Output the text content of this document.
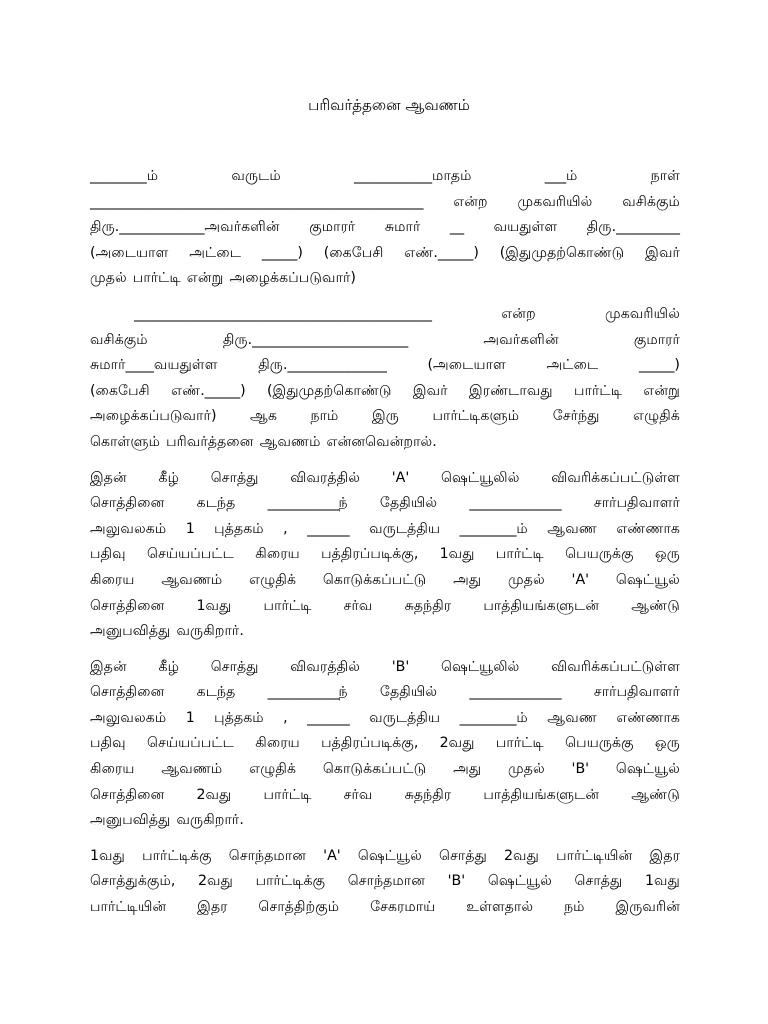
பரிவர்த்தனை ஆவணம்
________ம்	வருடம்	___________மாதம்	___ம்	நாள்
_______________________________________________ என்ற முகவரியில் வசிக்கும்
திரு.____________அவர்களின் குமாரர் சுமார் __ வயதுள்ள திரு._________
(அடையாள அட்டை _____) (கைபேசி எண்._____) (இதுமுதற்கொண்டு இவர்
முதல் பார்ட்டி என்று அழைக்கப்படுவார்)
__________________________________________	என்ற	முகவரியில்
வசிக்கும்	திரு.______________________	அவர்களின்	குமாரர்
சுமார்____வயதுள்ள	திரு.______________	(அடையாள	அட்டை	_____)
(கைபேசி எண்._____) (இதுமுதற்கொண்டு இவர் இரண்டாவது பார்ட்டி என்று
அழைக்கப்படுவார்) ஆக நாம் இரு பார்ட்டிகளும் சேர்ந்து எழுதிக்
கொள்ளும் பரிவர்த்தனை ஆவணம் என்னவென்றால்.
இதன் கீழ் சொத்து விவரத்தில் 'A' ஷெட்யூலில் விவரிக்கப்பட்டுள்ள
சொத்தினை கடந்த __________ந் தேதியில் _____________ சார்பதிவாளர்
அலுவலகம் 1 புத்தகம் , ______ வருடத்திய ________ம் ஆவண எண்ணாக
பதிவு செய்யப்பட்ட கிரைய பத்திரப்படிக்கு, 1வது பார்ட்டி பெயருக்கு ஒரு
கிரைய ஆவணம் எழுதிக் கொடுக்கப்பட்டு அது முதல் 'A' ஷெட்யூல்
சொத்தினை 1வது பார்ட்டி சர்வ சுதந்திர பாத்தியங்களுடன் ஆண்டு
அனுபவித்து வருகிறார்.
இதன் கீழ் சொத்து விவரத்தில் 'B' ஷெட்யூலில் விவரிக்கப்பட்டுள்ள
சொத்தினை கடந்த __________ந் தேதியில் _____________ சார்பதிவாளர்
அலுவலகம் 1 புத்தகம் , ______ வருடத்திய ________ம் ஆவண எண்ணாக
பதிவு செய்யப்பட்ட கிரைய பத்திரப்படிக்கு, 2வது பார்ட்டி பெயருக்கு ஒரு
கிரைய ஆவணம் எழுதிக் கொடுக்கப்பட்டு அது முதல் 'B' ஷெட்யூல்
சொத்தினை 2வது பார்ட்டி சர்வ சுதந்திர பாத்தியங்களுடன் ஆண்டு
அனுபவித்து வருகிறார்.
1வது பார்ட்டிக்கு சொந்தமான 'A' ஷெட்யூல் சொத்து 2வது பார்ட்டியின் இதர
சொத்துக்கும், 2வது பார்ட்டிக்கு சொந்தமான 'B' ஷெட்யூல் சொத்து 1வது
பார்ட்டியின் இதர சொத்திற்கும் சேகரமாய் உள்ளதால் நம் இருவரின்
